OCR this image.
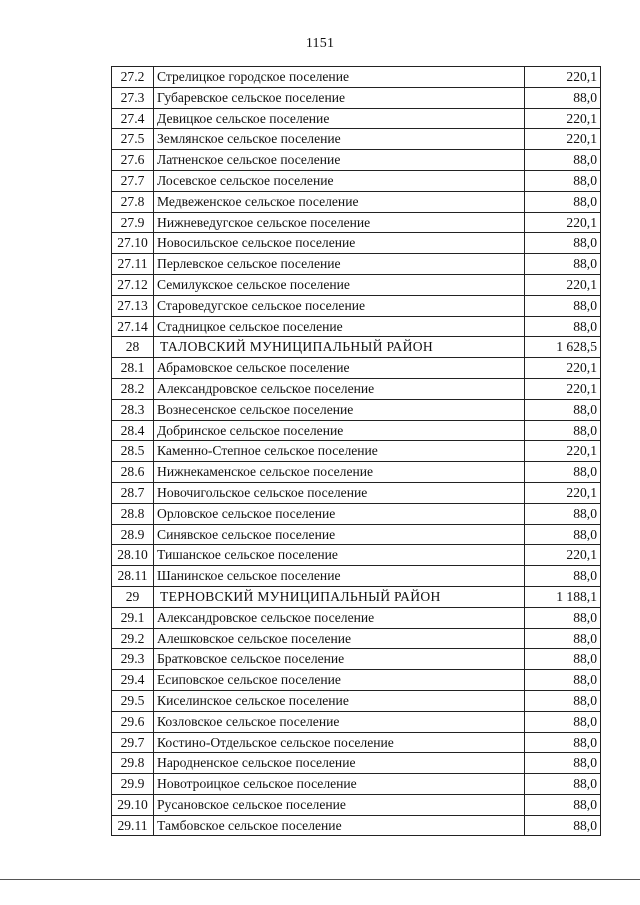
1151
27.2	Стрелицкое городское поселение	220,1
27.3	Губаревское сельское поселение	88,0
27.4	Девицкое сельское поселение	220,1
27.5	Землянское сельское поселение	220,1
27.6	Латненское сельское поселение	88,0
27.7	Лосевское сельское поселение	88,0
27.8	Медвеженское сельское поселение	88,0
27.9	Нижневедугское сельское поселение	220,1
27.10	Новосильское сельское поселение	88,0
27.11	Перлевское сельское поселение	88,0
27.12	Семилукское сельское поселение	220,1
27.13	Староведугское сельское поселение	88,0
27.14	Стадницкое сельское поселение	88,0
28	ТАЛОВСКИЙ МУНИЦИПАЛЬНЫЙ РАЙОН	1 628,5
28.1	Абрамовское сельское поселение	220,1
28.2	Александровское сельское поселение	220,1
28.3	Вознесенское сельское поселение	88,0
28.4	Добринское сельское поселение	88,0
28.5	Каменно-Степное сельское поселение	220,1
28.6	Нижнекаменское сельское поселение	88,0
28.7	Новочигольское сельское поселение	220,1
28.8	Орловское сельское поселение	88,0
28.9	Синявское сельское поселение	88,0
28.10	Тишанское сельское поселение	220,1
28.11	Шанинское сельское поселение	88,0
29	ТЕРНОВСКИЙ МУНИЦИПАЛЬНЫЙ РАЙОН	1 188,1
29.1	Александровское сельское поселение	88,0
29.2	Алешковское сельское поселение	88,0
29.3	Братковское сельское поселение	88,0
29.4	Есиповское сельское поселение	88,0
29.5	Киселинское сельское поселение	88,0
29.6	Козловское сельское поселение	88,0
29.7	Костино-Отдельское сельское поселение	88,0
29.8	Народненское сельское поселение	88,0
29.9	Новотроицкое сельское поселение	88,0
29.10	Русановское сельское поселение	88,0
29.11	Тамбовское сельское поселение	88,0
